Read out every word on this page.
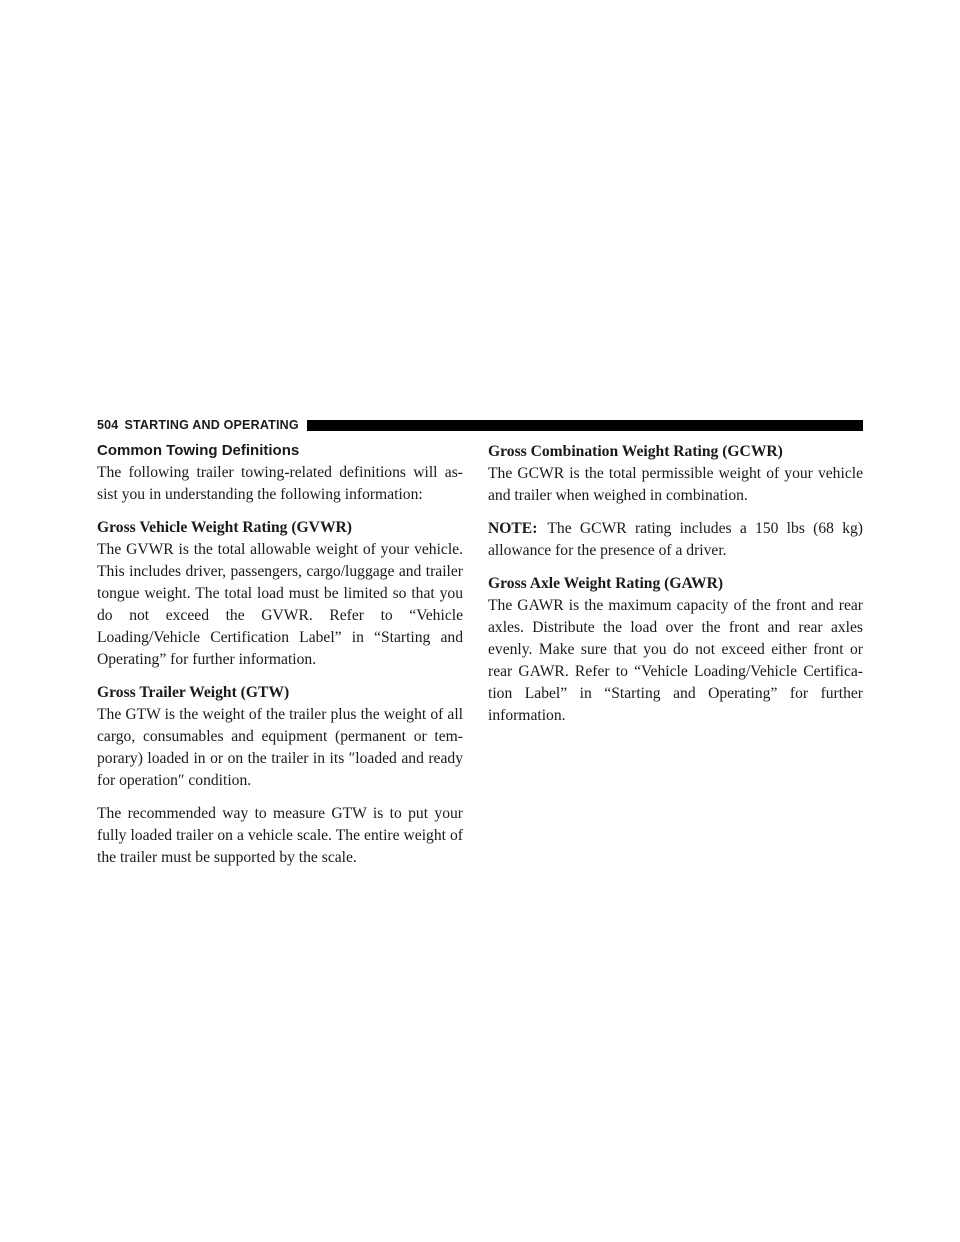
504 STARTING AND OPERATING
Common Towing Definitions

The following trailer towing-related definitions will as-sist you in understanding the following information:

Gross Vehicle Weight Rating (GVWR)

The GVWR is the total allowable weight of your vehicle. This includes driver, passengers, cargo/luggage and trailer tongue weight. The total load must be limited so that you do not exceed the GVWR. Refer to “Vehicle Loading/Vehicle Certification Label” in “Starting and Operating” for further information.

Gross Trailer Weight (GTW)

The GTW is the weight of the trailer plus the weight of all cargo, consumables and equipment (permanent or tem-porary) loaded in or on the trailer in its ″loaded and ready for operation″ condition.

The recommended way to measure GTW is to put your fully loaded trailer on a vehicle scale. The entire weight of the trailer must be supported by the scale.

Gross Combination Weight Rating (GCWR)

The GCWR is the total permissible weight of your vehicle and trailer when weighed in combination.

NOTE: The GCWR rating includes a 150 lbs (68 kg) allowance for the presence of a driver.

Gross Axle Weight Rating (GAWR)

The GAWR is the maximum capacity of the front and rear axles. Distribute the load over the front and rear axles evenly. Make sure that you do not exceed either front or rear GAWR. Refer to “Vehicle Loading/Vehicle Certifica-tion Label” in “Starting and Operating” for further information.
